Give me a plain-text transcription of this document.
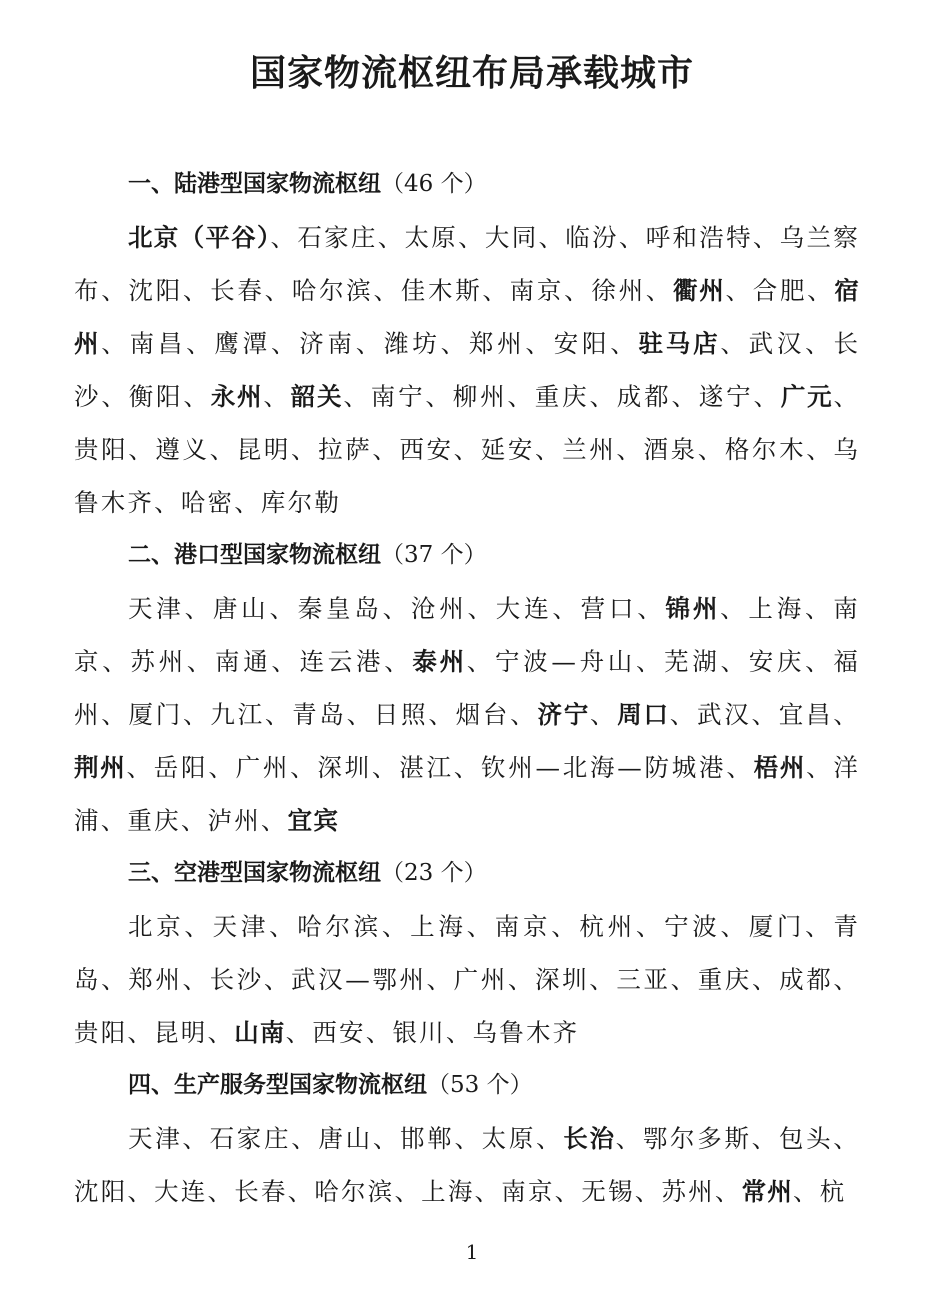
国家物流枢纽布局承载城市
一、陆港型国家物流枢纽（46 个）

北京（平谷）、石家庄、太原、大同、临汾、呼和浩特、乌兰察布、沈阳、长春、哈尔滨、佳木斯、南京、徐州、衢州、合肥、宿州、南昌、鹰潭、济南、潍坊、郑州、安阳、驻马店、武汉、长沙、衡阳、永州、韶关、南宁、柳州、重庆、成都、遂宁、广元、贵阳、遵义、昆明、拉萨、西安、延安、兰州、酒泉、格尔木、乌鲁木齐、哈密、库尔勒

二、港口型国家物流枢纽（37 个）

天津、唐山、秦皇岛、沧州、大连、营口、锦州、上海、南京、苏州、南通、连云港、泰州、宁波—舟山、芜湖、安庆、福州、厦门、九江、青岛、日照、烟台、济宁、周口、武汉、宜昌、荆州、岳阳、广州、深圳、湛江、钦州—北海—防城港、梧州、洋浦、重庆、泸州、宜宾

三、空港型国家物流枢纽（23 个）

北京、天津、哈尔滨、上海、南京、杭州、宁波、厦门、青岛、郑州、长沙、武汉—鄂州、广州、深圳、三亚、重庆、成都、贵阳、昆明、山南、西安、银川、乌鲁木齐

四、生产服务型国家物流枢纽（53 个）

天津、石家庄、唐山、邯郸、太原、长治、鄂尔多斯、包头、沈阳、大连、长春、哈尔滨、上海、南京、无锡、苏州、常州、杭

1
